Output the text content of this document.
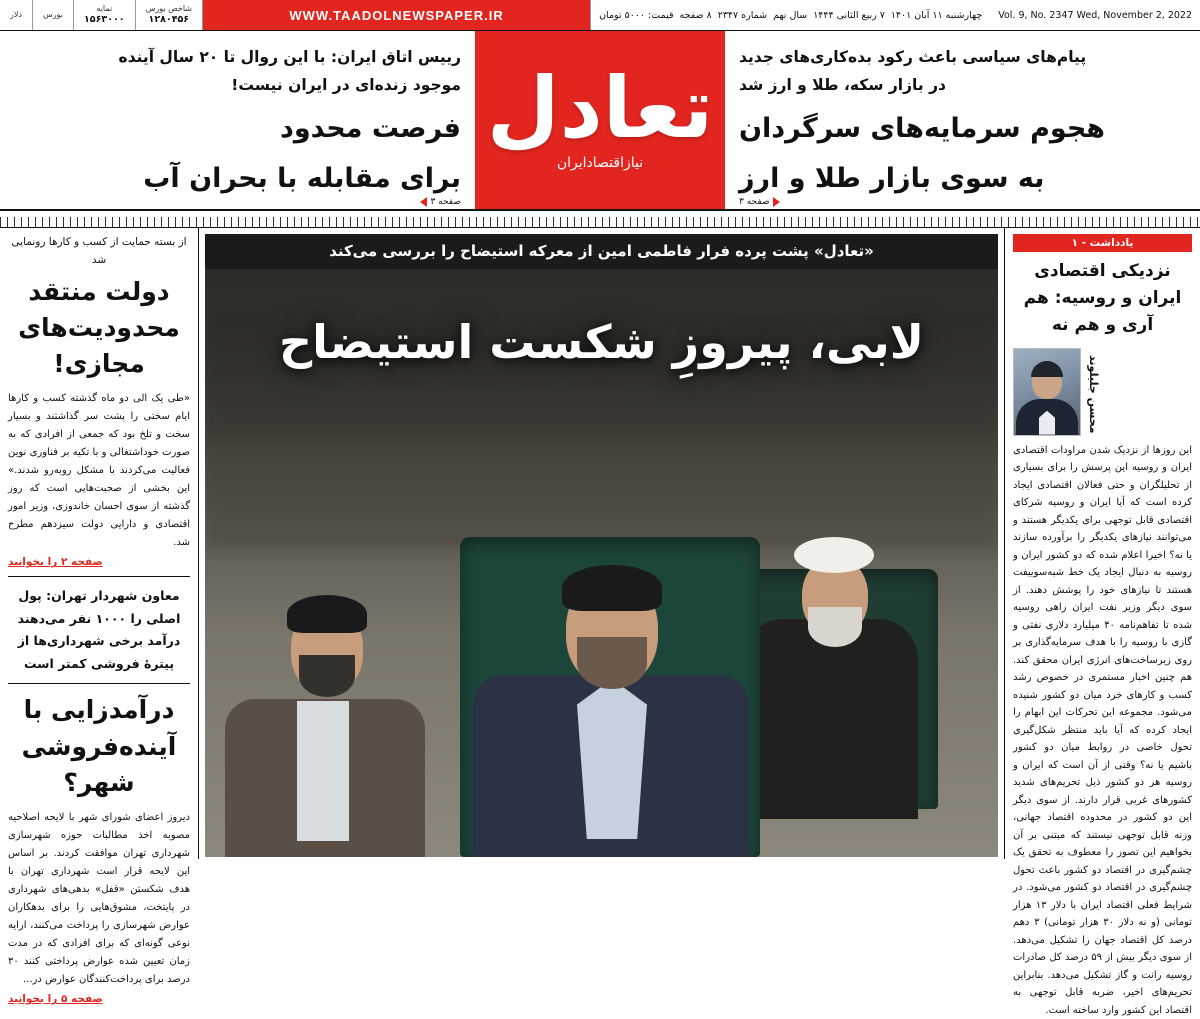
Vol. 9, No. 2347
Wed, November 2, 2022
چهارشنبه ۱۱ آبان ۱۴۰۱
۷ ربیع الثانی ۱۴۴۴
سال نهم
شماره ۲۳۴۷
۸ صفحه
قیمت: ۵۰۰۰ تومان
WWW.TAADOLNEWSPAPER.IR
شاخص بورس
۱۲۸۰۴۵۶
نمایه
۱۵۶۳۰۰۰
بورس
دلار
پیام‌های سیاسی باعث رکود بده‌کاری‌های جدید
در بازار سکه، طلا و ارز شد
هجوم سرمایه‌های سرگردان
به سوی بازار طلا و ارز
صفحه ۳
تعادل
نیازاقتصادایران
رییس اتاق ایران: با این روال تا ۲۰ سال آینده
موجود زنده‌ای در ایران نیست!
فرصت محدود
برای مقابله با بحران آب
صفحه ۳
یادداشت - ۱
نزدیکی اقتصادی ایران و روسیه: هم آری و هم نه
محسن جلیلوند
این روزها از نزدیک شدن مراودات اقتصادی ایران و روسیه این پرسش را برای بسیاری از تحلیلگران و حتی فعالان اقتصادی ایجاد کرده است که آیا ایران و روسیه شرکای اقتصادی قابل توجهی برای یکدیگر هستند و می‌توانند نیازهای یکدیگر را برآورده سازند یا نه؟ اخیرا اعلام شده که دو کشور ایران و روسیه به دنبال ایجاد یک خط شبه‌سوییفت هستند تا نیازهای خود را پوشش دهند. از سوی دیگر وزیر نفت ایران راهی روسیه شده تا تفاهم‌نامه ۴۰ میلیارد دلاری نفتی و گازی با روسیه را با هدف سرمایه‌گذاری بر روی زیرساخت‌های انرژی ایران محقق کند. هم چنین اخبار مستمری در خصوص رشد کسب و کارهای خرد میان دو کشور شنیده می‌شود. مجموعه این تحرکات این ابهام را ایجاد کرده که آیا باید منتظر شکل‌گیری تحول خاصی در روابط میان دو کشور باشیم یا نه؟ وقتی از آن است که ایران و روسیه هر دو کشور ذیل تحریم‌های شدید کشورهای غربی قرار دارند. از سوی دیگر این دو کشور در محدوده اقتصاد جهانی، وزنه قابل توجهی نیستند که مبتنی بر آن بخواهیم این تصور را معطوف به تحقق یک چشم‌گیری در اقتصاد دو کشور باعث تحول چشم‌گیری در اقتصاد دو کشور می‌شود. در شرایط فعلی اقتصاد ایران با دلار ۱۳ هزار تومانی (و نه دلار ۳۰ هزار تومانی) ۳ دهم درصد کل اقتصاد جهان را تشکیل می‌دهد. از سوی دیگر بیش از ۵۹ درصد کل صادرات روسیه رانت و گاز تشکیل می‌دهد. بنابراین تحریم‌های اخیر، ضربه قابل توجهی به اقتصاد این کشور وارد ساخته است.
«تعادل» پشت پرده فرار فاطمی امین از معرکه استیضاح را بررسی می‌کند
لابی، پیروزِ شکست استیضاح
از بسته حمایت از کسب و کارها رونمایی شد
دولت منتقد محدودیت‌های مجازی!
«طی یک الی دو ماه گذشته کسب و کارها ایام سختی را پشت سر گذاشتند و بسیار سخت و تلخ بود که جمعی از افرادی که به صورت خوداشتغالی و با تکیه بر فناوری نوین فعالیت می‌کردند با مشکل روبه‌رو شدند.» این بخشی از صحبت‌هایی است که روز گذشته از سوی احسان خاندوزی، وزیر امور اقتصادی و دارایی دولت سیزدهم مطرح شد.
صفحه ۲ را بخوانید
معاون شهردار تهران: پول اصلی را ۱۰۰۰ نفر می‌دهند درآمد برخی شهرداری‌ها از پیترۀ فروشی کمتر است
درآمدزایی با آینده‌فروشی شهر؟
دیروز اعضای شورای شهر با لایحه اصلاحیه مصوبه اخذ مطالبات حوزه شهرسازی شهرداری تهران موافقت کردند. بر اساس این لایحه قرار است شهرداری تهران با هدف شکستن «قفل» بدهی‌های شهرداری در پایتخت، مشوق‌هایی را برای بدهکاران عوارض شهرسازی را پرداخت می‌کنند، ارایه نوعی گونه‌ای که برای افرادی که در مدت زمان تعیین شده عوارض پرداختی کنند ۳۰ درصد برای پرداخت‌کنندگان عوارض در...
صفحه ۵ را بخوانید
